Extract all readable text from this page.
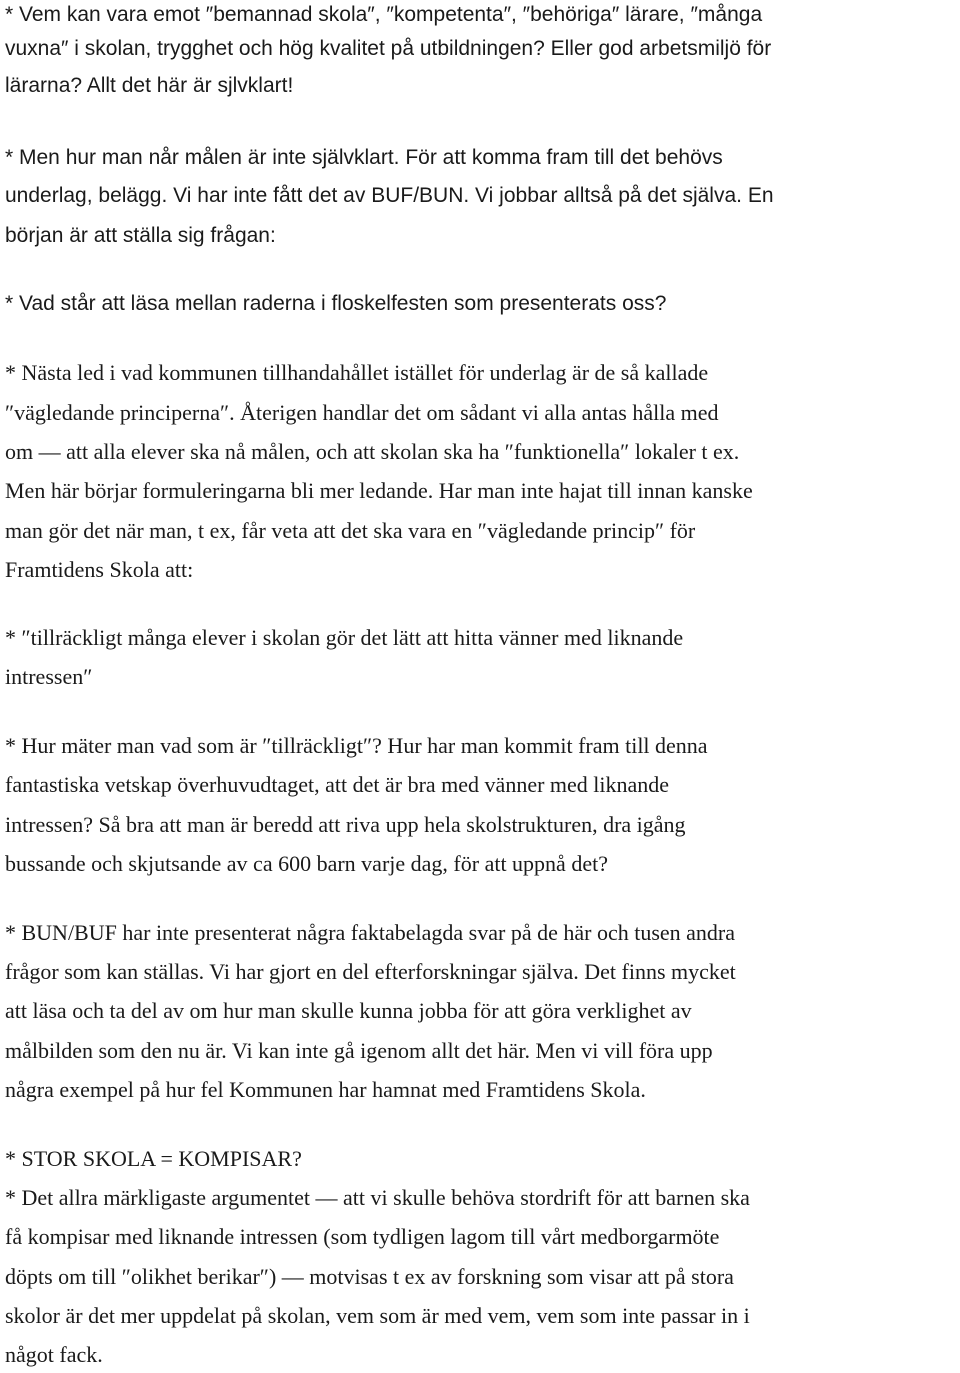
* Vem kan vara emot ″bemannad skola″, ″kompetenta″, ″behöriga″ lärare, ″många
vuxna″ i skolan, trygghet och hög kvalitet på utbildningen? Eller god arbetsmiljö för
lärarna? Allt det här är sjlvklart!
* Men hur man når målen är inte självklart. För att komma fram till det behövs
underlag, belägg. Vi har inte fått det av BUF/BUN. Vi jobbar alltså på det själva. En
början är att ställa sig frågan:
* Vad står att läsa mellan raderna i floskelfesten som presenterats oss?
* Nästa led i vad kommunen tillhandahållet istället för underlag är de så kallade
″vägledande principerna″. Återigen handlar det om sådant vi alla antas hålla med
om — att alla elever ska nå målen, och att skolan ska ha ″funktionella″ lokaler t ex.
Men här börjar formuleringarna bli mer ledande. Har man inte hajat till innan kanske
man gör det när man, t ex, får veta att det ska vara en ″vägledande princip″ för
Framtidens Skola att:
* ″tillräckligt många elever i skolan gör det lätt att hitta vänner med liknande
intressen″
* Hur mäter man vad som är ″tillräckligt″? Hur har man kommit fram till denna
fantastiska vetskap överhuvudtaget, att det är bra med vänner med liknande
intressen? Så bra att man är beredd att riva upp hela skolstrukturen, dra igång
bussande och skjutsande av ca 600 barn varje dag, för att uppnå det?
* BUN/BUF har inte presenterat några faktabelagda svar på de här och tusen andra
frågor som kan ställas. Vi har gjort en del efterforskningar själva. Det finns mycket
att läsa och ta del av om hur man skulle kunna jobba för att göra verklighet av
målbilden som den nu är. Vi kan inte gå igenom allt det här. Men vi vill föra upp
några exempel på hur fel Kommunen har hamnat med Framtidens Skola.
* STOR SKOLA = KOMPISAR?
* Det allra märkligaste argumentet — att vi skulle behöva stordrift för att barnen ska
få kompisar med liknande intressen (som tydligen lagom till vårt medborgarmöte
döpts om till ″olikhet berikar″) — motvisas t ex av forskning som visar att på stora
skolor är det mer uppdelat på skolan, vem som är med vem, vem som inte passar in i
något fack.
